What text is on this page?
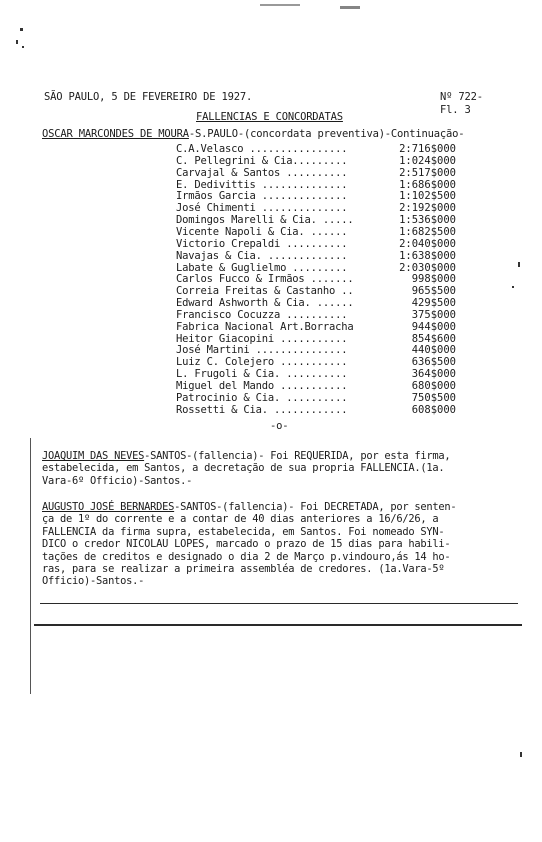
SÃO PAULO, 5 DE FEVEREIRO DE 1927.	Nº 722-
FALLENCIAS E CONCORDATAS
Fl. 3
OSCAR MARCONDES DE MOURA-S.PAULO-(concordata preventiva)-Continuação-
C.A.Velasco ................	2:716$000
C. Pellegrini & Cia.........	1:024$000
Carvajal & Santos ..........	2:517$000
E. Dedivittis ..............	1:686$000
Irmãos Garcia ..............	1:102$500
José Chimenti ..............	2:192$000
Domingos Marelli & Cia. .....	1:536$000
Vicente Napoli & Cia. ......	1:682$500
Victorio Crepaldi ..........	2:040$000
Navajas & Cia. .............	1:638$000
Labate & Guglielmo .........	2:030$000
Carlos Fucco & Irmãos .......	998$000
Correia Freitas & Castanho ..	965$500
Edward Ashworth & Cia. ......	429$500
Francisco Cocuzza ..........	375$000
Fabrica Nacional Art.Borracha	944$000
Heitor Giacopini ...........	854$600
José Martini ...............	440$000
Luiz C. Colejero ...........	636$500
L. Frugoli & Cia. ..........	364$000
Miguel del Mando ...........	680$000
Patrocinio & Cia. ..........	750$500
Rossetti & Cia. ............	608$000
-o-
JOAQUIM DAS NEVES-SANTOS-(fallencia)- Foi REQUERIDA, por esta firma,
estabelecida, em Santos, a decretação de sua propria FALLENCIA.(1a.
Vara-6º Officio)-Santos.-
AUGUSTO JOSÉ BERNARDES-SANTOS-(fallencia)- Foi DECRETADA, por senten-
ça de 1º do corrente e a contar de 40 dias anteriores a 16/6/26, a
FALLENCIA da firma supra, estabelecida, em Santos. Foi nomeado SYN-
DICO o credor NICOLAU LOPES, marcado o prazo de 15 dias para habili-
tações de creditos e designado o dia 2 de Março p.vindouro,ás 14 ho-
ras, para se realizar a primeira assembléa de credores. (1a.Vara-5º
Officio)-Santos.-
